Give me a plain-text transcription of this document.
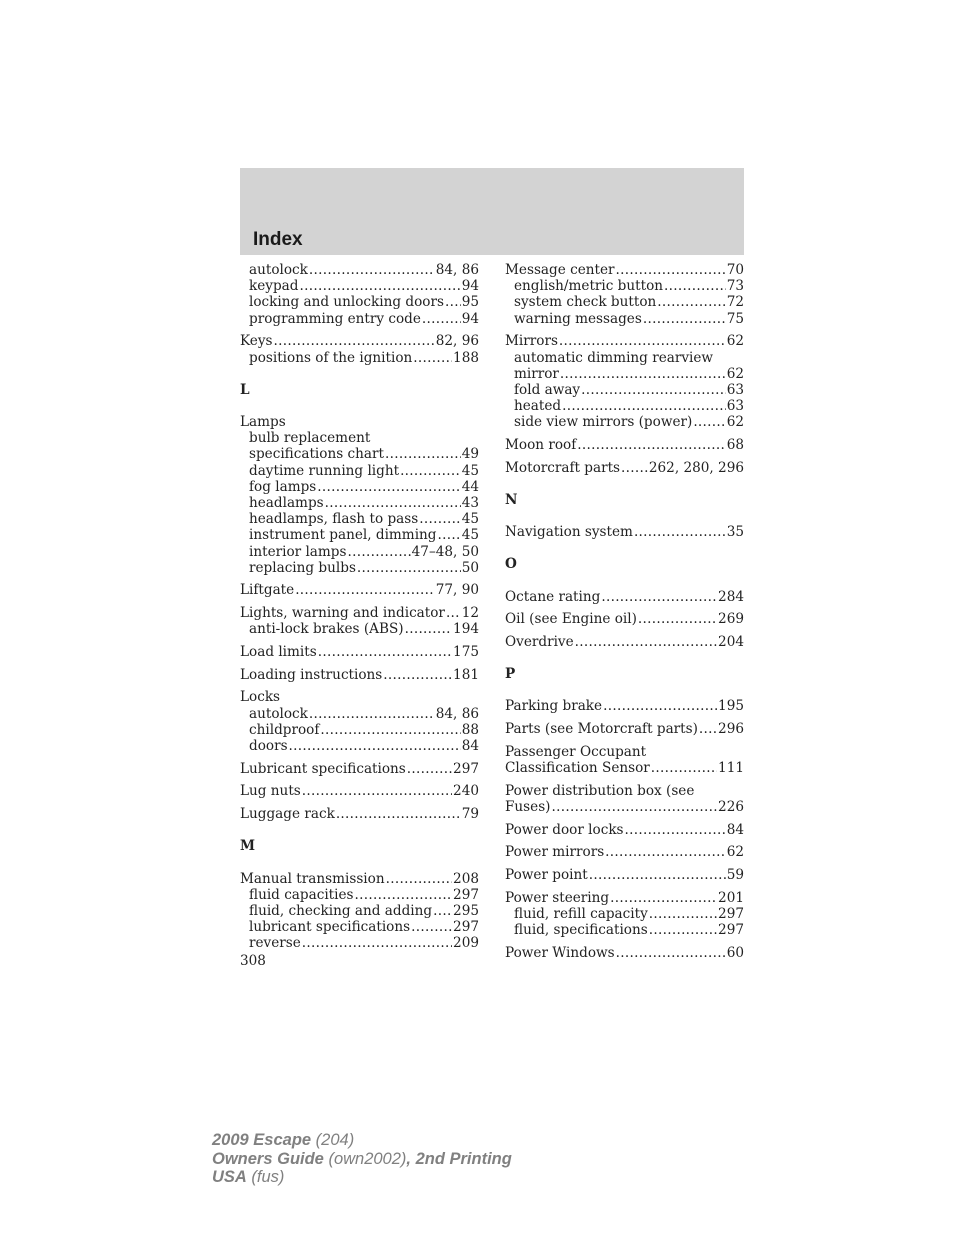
Index
autolock .....	84, 86
keypad .....	94
locking and unlocking doors ..... 95
programming entry code .....	94
Keys .....	82, 96
positions of the ignition .....	188
L
Lamps
bulb replacement
specifications chart .....	49
daytime running light .....	45
fog lamps .....	44
headlamps .....	43
headlamps, flash to pass .....	45
instrument panel, dimming ..... 45
interior lamps .....	47–48, 50
replacing bulbs .....	50
Liftgate .....	77, 90
Lights, warning and indicator ..... 12
anti-lock brakes (ABS) .....	194
Load limits .....	175
Loading instructions .....	181
Locks
autolock .....	84, 86
childproof .....	88
doors .....	84
Lubricant specifications .....	297
Lug nuts .....	240
Luggage rack .....	79
M
Manual transmission .....	208
fluid capacities .....	297
fluid, checking and adding ..... 295
lubricant specifications .....	297
reverse .....	209
308
Message center .....	70
english/metric button .....	73
system check button .....	72
warning messages .....	75
Mirrors .....	62
automatic dimming rearview
mirror .....	62
fold away .....	63
heated .....	63
side view mirrors (power) .....	62
Moon roof .....	68
Motorcraft parts ..... 262, 280, 296
N
Navigation system .....	35
O
Octane rating .....	284
Oil (see Engine oil) .....	269
Overdrive .....	204
P
Parking brake .....	195
Parts (see Motorcraft parts) ..... 296
Passenger Occupant
Classification Sensor .....	111
Power distribution box (see
Fuses) .....	226
Power door locks .....	84
Power mirrors .....	62
Power point .....	59
Power steering .....	201
fluid, refill capacity .....	297
fluid, specifications .....	297
Power Windows .....	60
2009 Escape (204)
Owners Guide (own2002), 2nd Printing
USA (fus)
